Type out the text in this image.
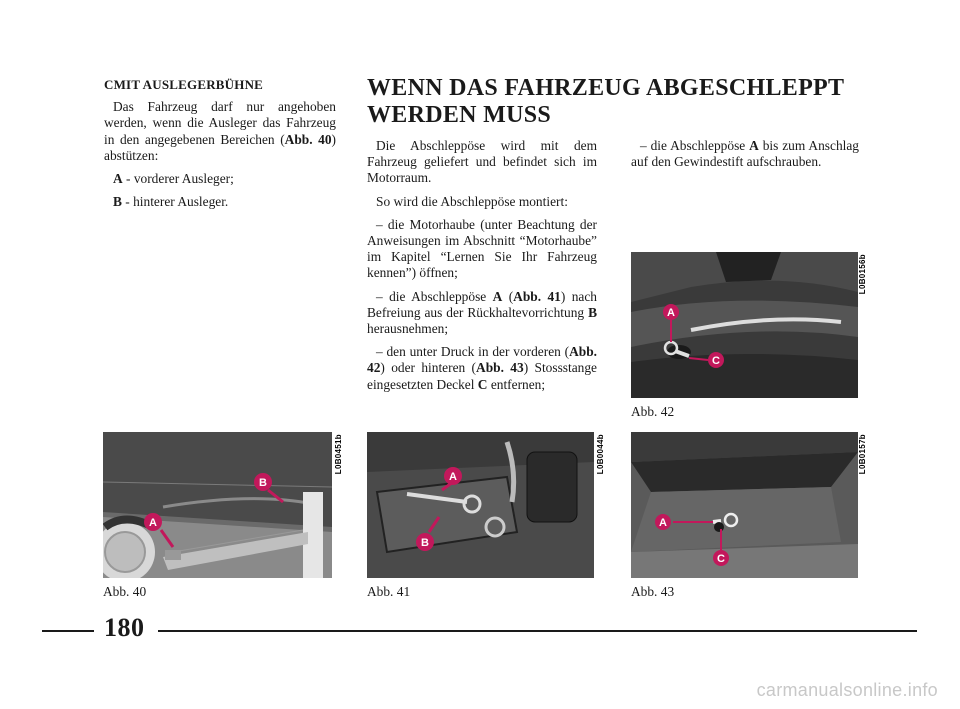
CMIT AUSLEGERBÜHNE

Das Fahrzeug darf nur angehoben werden, wenn die Ausleger das Fahrzeug in den angegebenen Bereichen (Abb. 40) abstützen:

A - vorderer Ausleger;

B - hinterer Ausleger.

WENN DAS FAHRZEUG ABGESCHLEPPT
WERDEN MUSS

Die Abschleppöse wird mit dem Fahrzeug geliefert und befindet sich im Motorraum.

So wird die Abschleppöse montiert:

– die Motorhaube (unter Beachtung der Anweisungen im Abschnitt “Motorhaube” im Kapitel “Lernen Sie Ihr Fahrzeug kennen”) öffnen;

– die Abschleppöse A (Abb. 41) nach Befreiung aus der Rückhaltevorrichtung B herausnehmen;

– den unter Druck in der vorderen (Abb. 42) oder hinteren (Abb. 43) Stossstange eingesetzten Deckel C entfernen;

– die Abschleppöse A bis zum Anschlag auf den Gewindestift aufschrauben.

A
C
L0B0156b
Abb. 42
A
B
L0B0451b
Abb. 40
A
B
L0B0044b
Abb. 41
A
C
L0B0157b
Abb. 43
180
carmanualsonline.info
